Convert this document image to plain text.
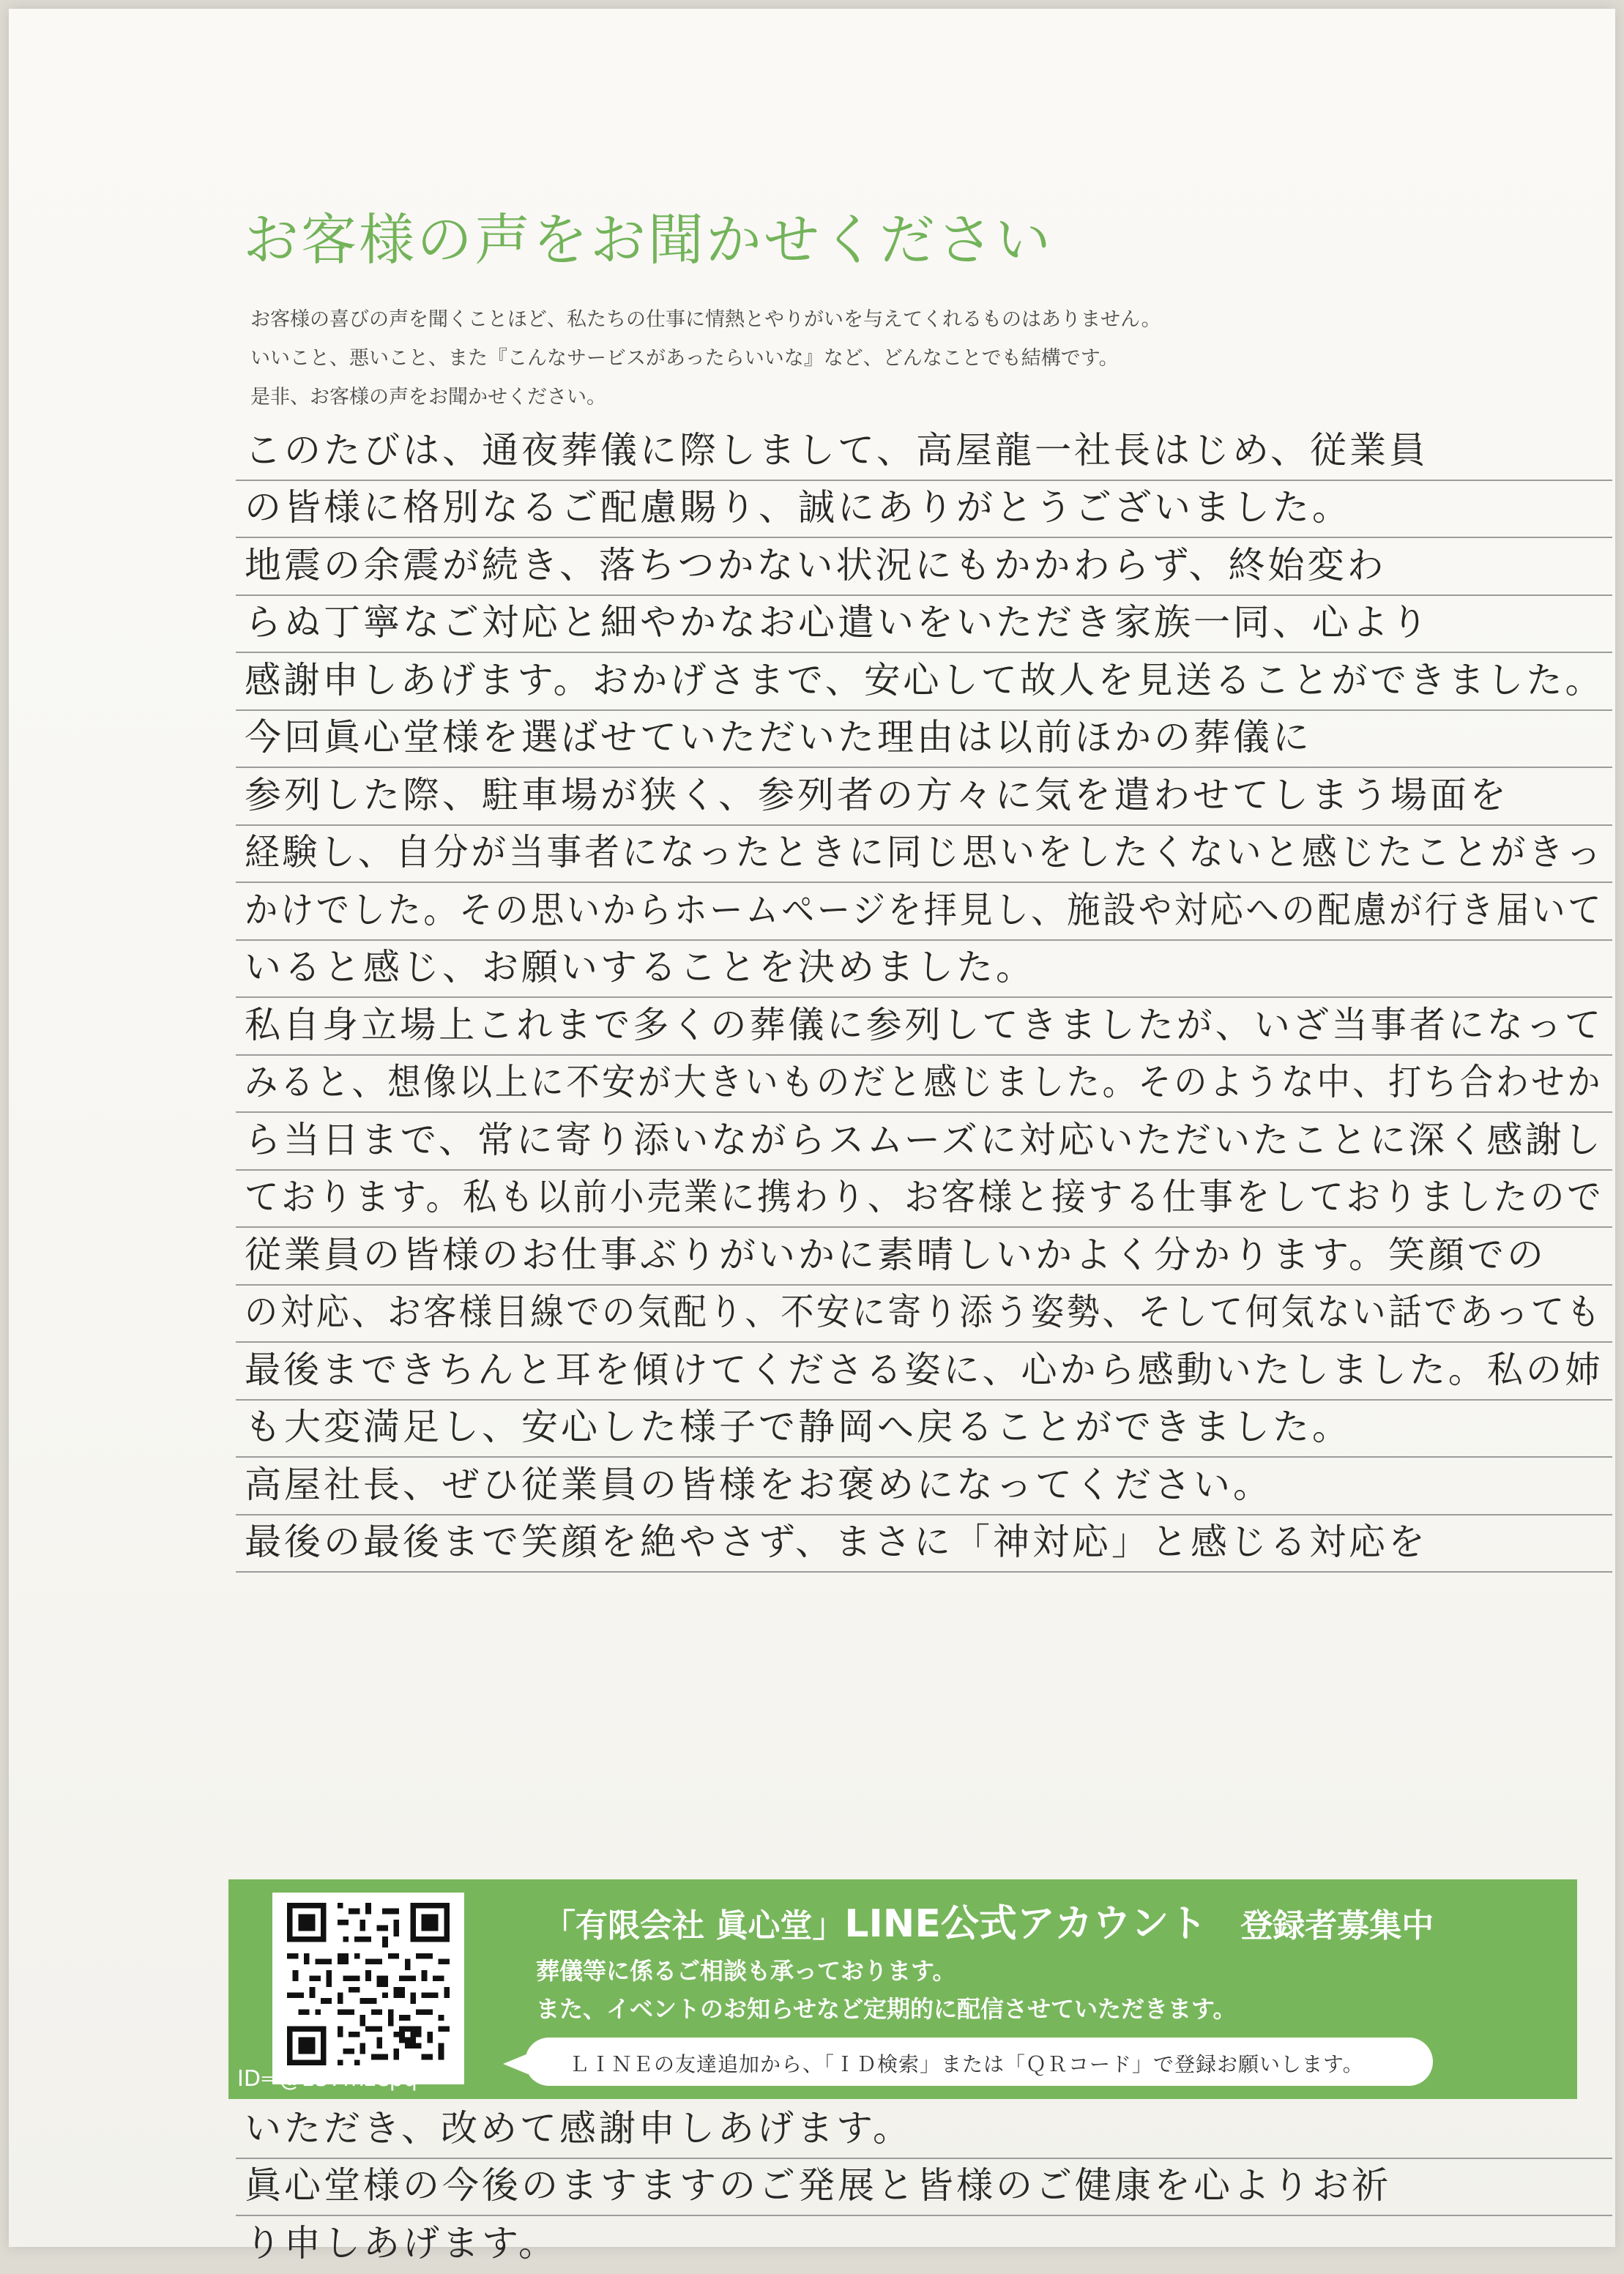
お客様の声をお聞かせください
お客様の喜びの声を聞くことほど、私たちの仕事に情熱とやりがいを与えてくれるものはありません。
いいこと、悪いこと、また『こんなサービスがあったらいいな』など、どんなことでも結構です。
是非、お客様の声をお聞かせください。
このたびは、通夜葬儀に際しまして、高屋龍一社長はじめ、従業員
の皆様に格別なるご配慮賜り、誠にありがとうございました。
地震の余震が続き、落ちつかない状況にもかかわらず、終始変わ
らぬ丁寧なご対応と細やかなお心遣いをいただき家族一同、心より
感謝申しあげます。おかげさまで、安心して故人を見送ることができました。
今回眞心堂様を選ばせていただいた理由は以前ほかの葬儀に
参列した際、駐車場が狭く、参列者の方々に気を遣わせてしまう場面を
経験し、自分が当事者になったときに同じ思いをしたくないと感じたことがきっ
かけでした。その思いからホームページを拝見し、施設や対応への配慮が行き届いて
いると感じ、お願いすることを決めました。
私自身立場上これまで多くの葬儀に参列してきましたが、いざ当事者になって
みると、想像以上に不安が大きいものだと感じました。そのような中、打ち合わせか
ら当日まで、常に寄り添いながらスムーズに対応いただいたことに深く感謝し
ております。私も以前小売業に携わり、お客様と接する仕事をしておりましたので
従業員の皆様のお仕事ぶりがいかに素晴しいかよく分かります。笑顔での
の対応、お客様目線での気配り、不安に寄り添う姿勢、そして何気ない話であっても
最後まできちんと耳を傾けてくださる姿に、心から感動いたしました。私の姉
も大変満足し、安心した様子で静岡へ戻ることができました。
高屋社長、ぜひ従業員の皆様をお褒めになってください。
最後の最後まで笑顔を絶やさず、まさに「神対応」と感じる対応を
ID⇒@137mzepq
「有限会社 眞心堂」LINE公式アカウント 登録者募集中
葬儀等に係るご相談も承っております。
また、イベントのお知らせなど定期的に配信させていただきます。
ＬＩＮＥの友達追加から、「ＩＤ検索」または「ＱＲコード」で登録お願いします。
いただき、改めて感謝申しあげます。
眞心堂様の今後のますますのご発展と皆様のご健康を心よりお祈
り申しあげます。
